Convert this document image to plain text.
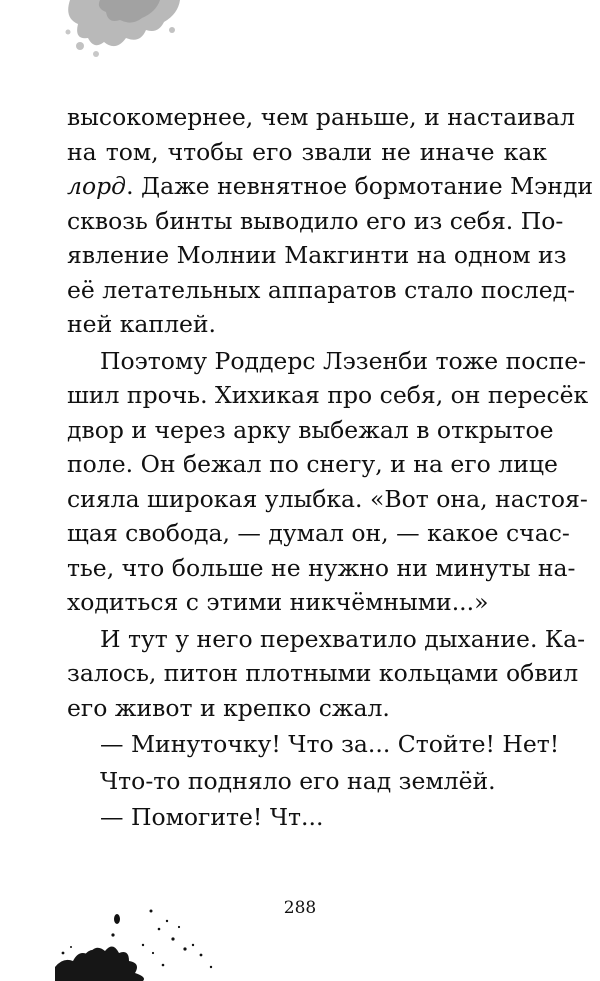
высокомернее, чем раньше, и настаивал
на том, чтобы его звали не иначе как
лорд. Даже невнятное бормотание Мэнди
сквозь бинты выводило его из себя. По-
явление Молнии Макгинти на одном из
её летательных аппаратов стало послед-
ней каплей.
Поэтому Роддерс Лэзенби тоже поспе-
шил прочь. Хихикая про себя, он пересёк
двор и через арку выбежал в открытое
поле. Он бежал по снегу, и на его лице
сияла широкая улыбка. «Вот она, настоя-
щая свобода, — думал он, — какое счас-
тье, что больше не нужно ни минуты на-
ходиться с этими никчёмными...»
И тут у него перехватило дыхание. Ка-
залось, питон плотными кольцами обвил
его живот и крепко сжал.
— Минуточку! Что за... Стойте! Нет!
Что-то подняло его над землёй.
— Помогите! Чт...
288
